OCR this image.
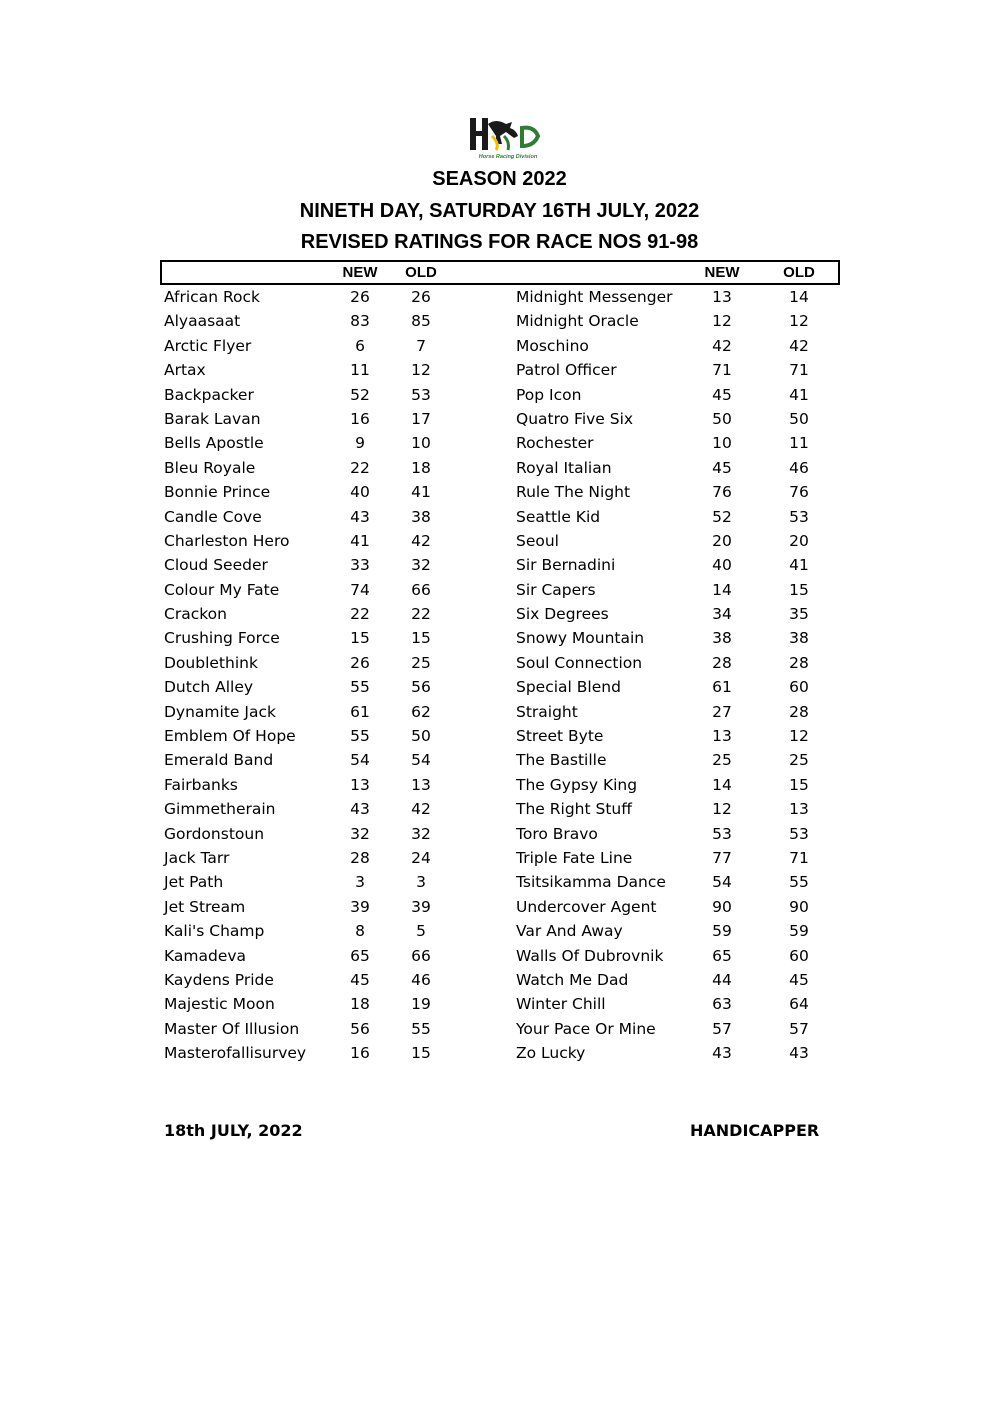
Horse Racing Division
SEASON 2022
NINETH DAY, SATURDAY 16TH JULY, 2022
REVISED RATINGS FOR RACE NOS 91-98
NEW	OLD	NEW	OLD
African Rock	26	26	Midnight Messenger	13	14
Alyaasaat	83	85	Midnight Oracle	12	12
Arctic Flyer	6	7	Moschino	42	42
Artax	11	12	Patrol Officer	71	71
Backpacker	52	53	Pop Icon	45	41
Barak Lavan	16	17	Quatro Five Six	50	50
Bells Apostle	9	10	Rochester	10	11
Bleu Royale	22	18	Royal Italian	45	46
Bonnie Prince	40	41	Rule The Night	76	76
Candle Cove	43	38	Seattle Kid	52	53
Charleston Hero	41	42	Seoul	20	20
Cloud Seeder	33	32	Sir Bernadini	40	41
Colour My Fate	74	66	Sir Capers	14	15
Crackon	22	22	Six Degrees	34	35
Crushing Force	15	15	Snowy Mountain	38	38
Doublethink	26	25	Soul Connection	28	28
Dutch Alley	55	56	Special Blend	61	60
Dynamite Jack	61	62	Straight	27	28
Emblem Of Hope	55	50	Street Byte	13	12
Emerald Band	54	54	The Bastille	25	25
Fairbanks	13	13	The Gypsy King	14	15
Gimmetherain	43	42	The Right Stuff	12	13
Gordonstoun	32	32	Toro Bravo	53	53
Jack Tarr	28	24	Triple Fate Line	77	71
Jet Path	3	3	Tsitsikamma Dance	54	55
Jet Stream	39	39	Undercover Agent	90	90
Kali's Champ	8	5	Var And Away	59	59
Kamadeva	65	66	Walls Of Dubrovnik	65	60
Kaydens Pride	45	46	Watch Me Dad	44	45
Majestic Moon	18	19	Winter Chill	63	64
Master Of Illusion	56	55	Your Pace Or Mine	57	57
Masterofallisurvey	16	15	Zo Lucky	43	43
18th JULY, 2022	HANDICAPPER
